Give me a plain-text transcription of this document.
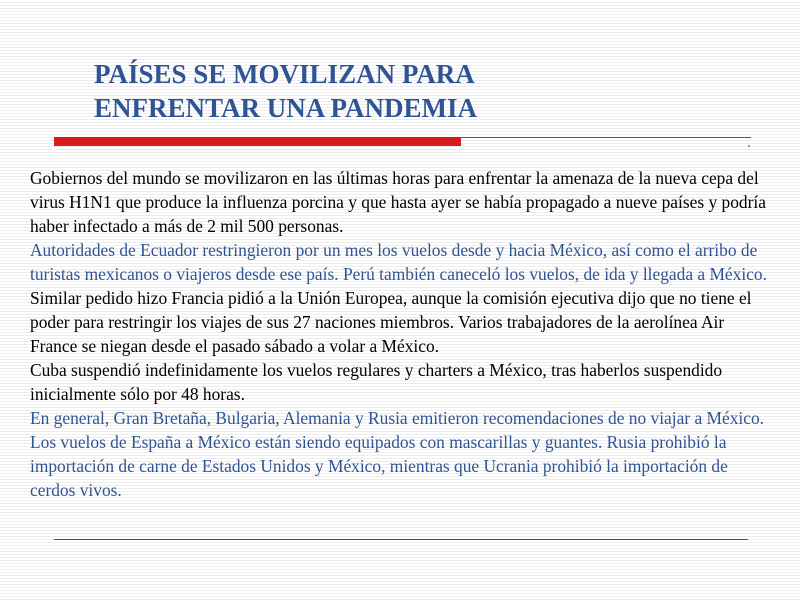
PAÍSES SE MOVILIZAN PARA
ENFRENTAR UNA PANDEMIA

Gobiernos del mundo se movilizaron en las últimas horas para enfrentar la amenaza de la nueva cepa del virus H1N1 que produce la influenza porcina y que hasta ayer se había propagado a nueve países y podría haber infectado a más de 2 mil 500 personas.

Autoridades de Ecuador restringieron por un mes los vuelos desde y hacia México, así como el arribo de turistas mexicanos o viajeros desde ese país. Perú también caneceló los vuelos, de ida y llegada a México.

Similar pedido hizo Francia pidió a la Unión Europea, aunque la comisión ejecutiva dijo que no tiene el poder para restringir los viajes de sus 27 naciones miembros. Varios trabajadores de la aerolínea Air France se niegan desde el pasado sábado a volar a México.

Cuba suspendió indefinidamente los vuelos regulares y charters a México, tras haberlos suspendido inicialmente sólo por 48 horas.

En general, Gran Bretaña, Bulgaria, Alemania y Rusia emitieron recomendaciones de no viajar a México. Los vuelos de España a México están siendo equipados con mascarillas y guantes. Rusia prohibió la importación de carne de Estados Unidos y México, mientras que Ucrania prohibió la importación de cerdos vivos.
